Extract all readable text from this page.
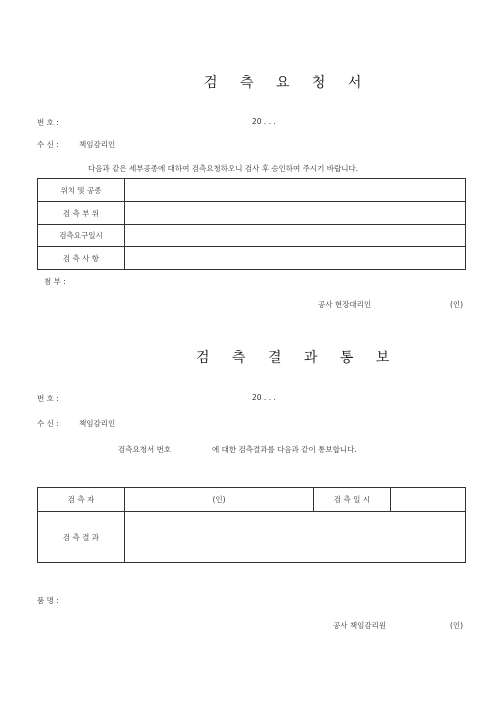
검 측 요 청 서
번 호 :	20 . . .
수 신 :	책임감리인
다음과 같은 세부공종에 대하여 검측요청하오니 검사 후 승인하여 주시기 바랍니다.
위치 및 공종	
검 측 부 위	
검측요구일시	
검 측 사 항	
첨 부 :
공사 현장대리인	(인)
검 측 결 과 통 보
번 호 :	20 . . .
수 신 :	책임감리인
검측요청서 번호	에 대한 검측결과를 다음과 같이 통보합니다.
검 측 자	(인)	검 측 일 시	
검 측 결 과			
품 명 :
공사 책임감리원	(인)
